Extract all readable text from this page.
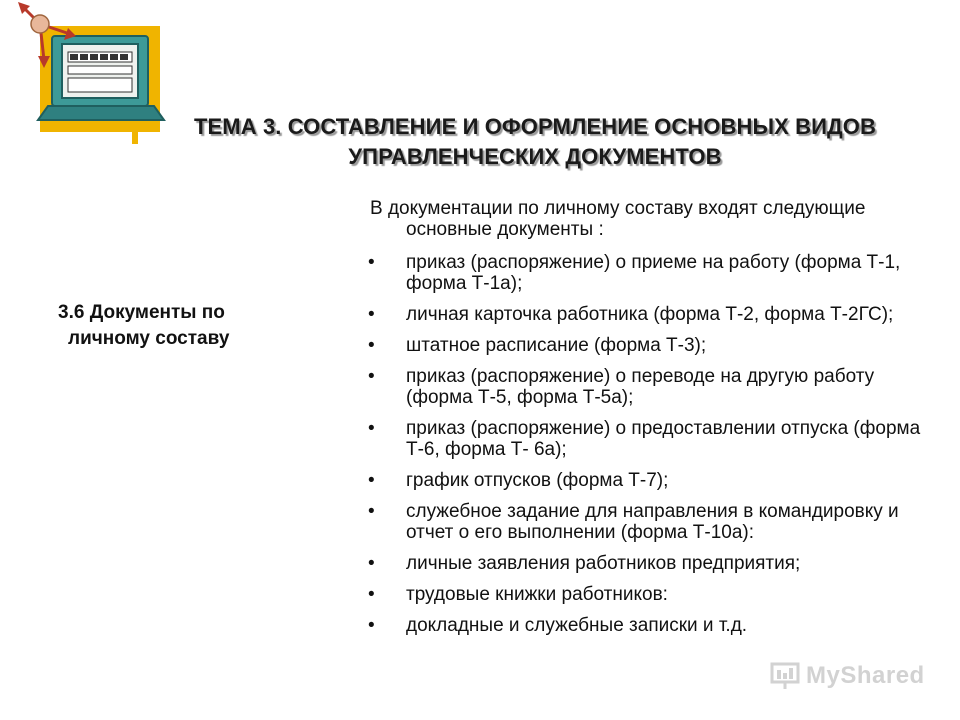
ТЕМА 3. СОСТАВЛЕНИЕ И ОФОРМЛЕНИЕ ОСНОВНЫХ ВИДОВ
УПРАВЛЕНЧЕСКИХ ДОКУМЕНТОВ
3.6 Документы по
личному составу
В документации по личному составу входят следующие основные документы :
• приказ (распоряжение) о приеме на работу (форма Т-1, форма Т-1а);
• личная карточка работника (форма Т-2, форма Т-2ГС);
• штатное расписание (форма Т-3);
• приказ (распоряжение) о переводе на другую работу (форма Т-5, форма Т-5а);
• приказ (распоряжение) о предоставлении отпуска (форма Т-6, форма Т- 6а);
• график отпусков (форма Т-7);
• служебное задание для направления в командировку и отчет о его выполнении (форма Т-10а):
• личные заявления работников предприятия;
• трудовые книжки работников:
• докладные и служебные записки и т.д.
MyShared
